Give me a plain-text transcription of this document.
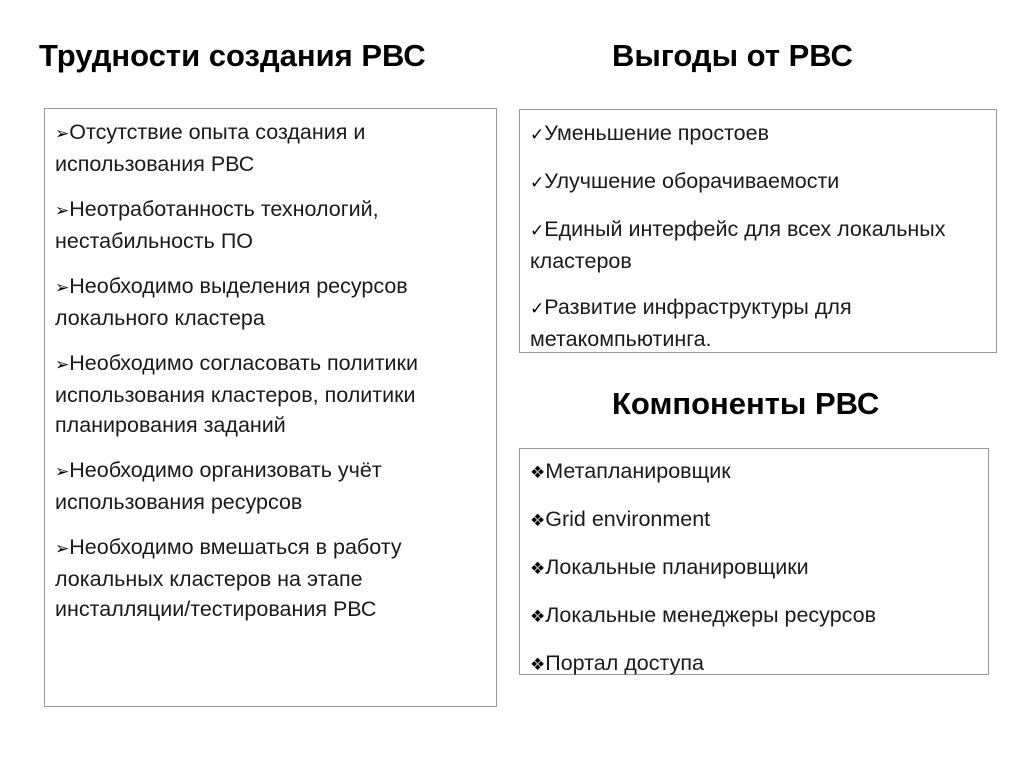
Трудности создания РВС	Выгоды от РВС
Компоненты РВС
➢Отсутствие опыта создания и использования РВС
➢Неотработанность технологий, нестабильность ПО
➢Необходимо выделения ресурсов локального кластера
➢Необходимо согласовать политики использования кластеров, политики планирования заданий
➢Необходимо организовать учёт использования ресурсов
➢Необходимо вмешаться в работу локальных кластеров на этапе инсталляции/тестирования РВС
✓Уменьшение простоев
✓Улучшение оборачиваемости
✓Единый интерфейс для всех локальных кластеров
✓Развитие инфраструктуры для метакомпьютинга.
❖Метапланировщик
❖Grid environment
❖Локальные планировщики
❖Локальные менеджеры ресурсов
❖Портал доступа
